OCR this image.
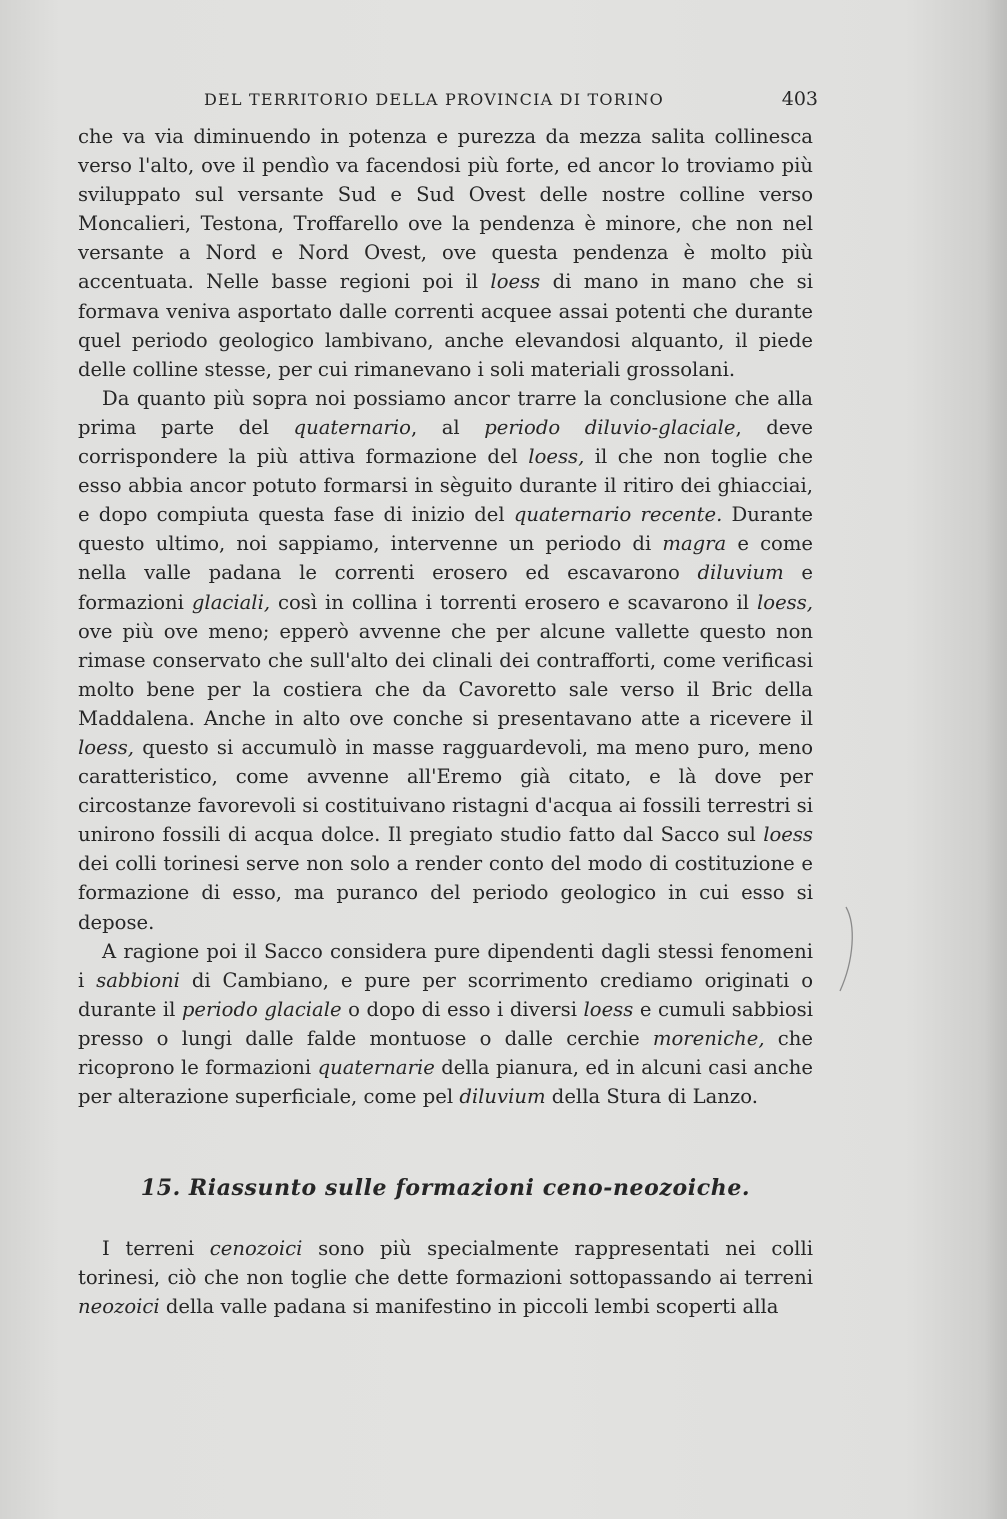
DEL TERRITORIO DELLA PROVINCIA DI TORINO	403

che va via diminuendo in potenza e purezza da mezza salita collinesca verso l'alto, ove il pendìo va facendosi più forte, ed ancor lo troviamo più sviluppato sul versante Sud e Sud Ovest delle nostre colline verso Moncalieri, Testona, Troffarello ove la pendenza è minore, che non nel versante a Nord e Nord Ovest, ove questa pendenza è molto più accentuata. Nelle basse regioni poi il loess di mano in mano che si formava veniva asportato dalle correnti acquee assai potenti che durante quel periodo geologico lambivano, anche elevandosi alquanto, il piede delle colline stesse, per cui rimanevano i soli materiali grossolani.

Da quanto più sopra noi possiamo ancor trarre la conclusione che alla prima parte del quaternario, al periodo diluvio-glaciale, deve corrispondere la più attiva formazione del loess, il che non toglie che esso abbia ancor potuto formarsi in sèguito durante il ritiro dei ghiacciai, e dopo compiuta questa fase di inizio del quaternario recente. Durante questo ultimo, noi sappiamo, intervenne un periodo di magra e come nella valle padana le correnti erosero ed escavarono diluvium e formazioni glaciali, così in collina i torrenti erosero e scavarono il loess, ove più ove meno; epperò avvenne che per alcune vallette questo non rimase conservato che sull'alto dei clinali dei contrafforti, come verificasi molto bene per la costiera che da Cavoretto sale verso il Bric della Maddalena. Anche in alto ove conche si presentavano atte a ricevere il loess, questo si accumulò in masse ragguardevoli, ma meno puro, meno caratteristico, come avvenne all'Eremo già citato, e là dove per circostanze favorevoli si costituivano ristagni d'acqua ai fossili terrestri si unirono fossili di acqua dolce. Il pregiato studio fatto dal Sacco sul loess dei colli torinesi serve non solo a render conto del modo di costituzione e formazione di esso, ma puranco del periodo geologico in cui esso si depose.

A ragione poi il Sacco considera pure dipendenti dagli stessi fenomeni i sabbioni di Cambiano, e pure per scorrimento crediamo originati o durante il periodo glaciale o dopo di esso i diversi loess e cumuli sabbiosi presso o lungi dalle falde montuose o dalle cerchie moreniche, che ricoprono le formazioni quaternarie della pianura, ed in alcuni casi anche per alterazione superficiale, come pel diluvium della Stura di Lanzo.

15. Riassunto sulle formazioni ceno-neozoiche.

I terreni cenozoici sono più specialmente rappresentati nei colli torinesi, ciò che non toglie che dette formazioni sottopassando ai terreni neozoici della valle padana si manifestino in piccoli lembi scoperti alla
